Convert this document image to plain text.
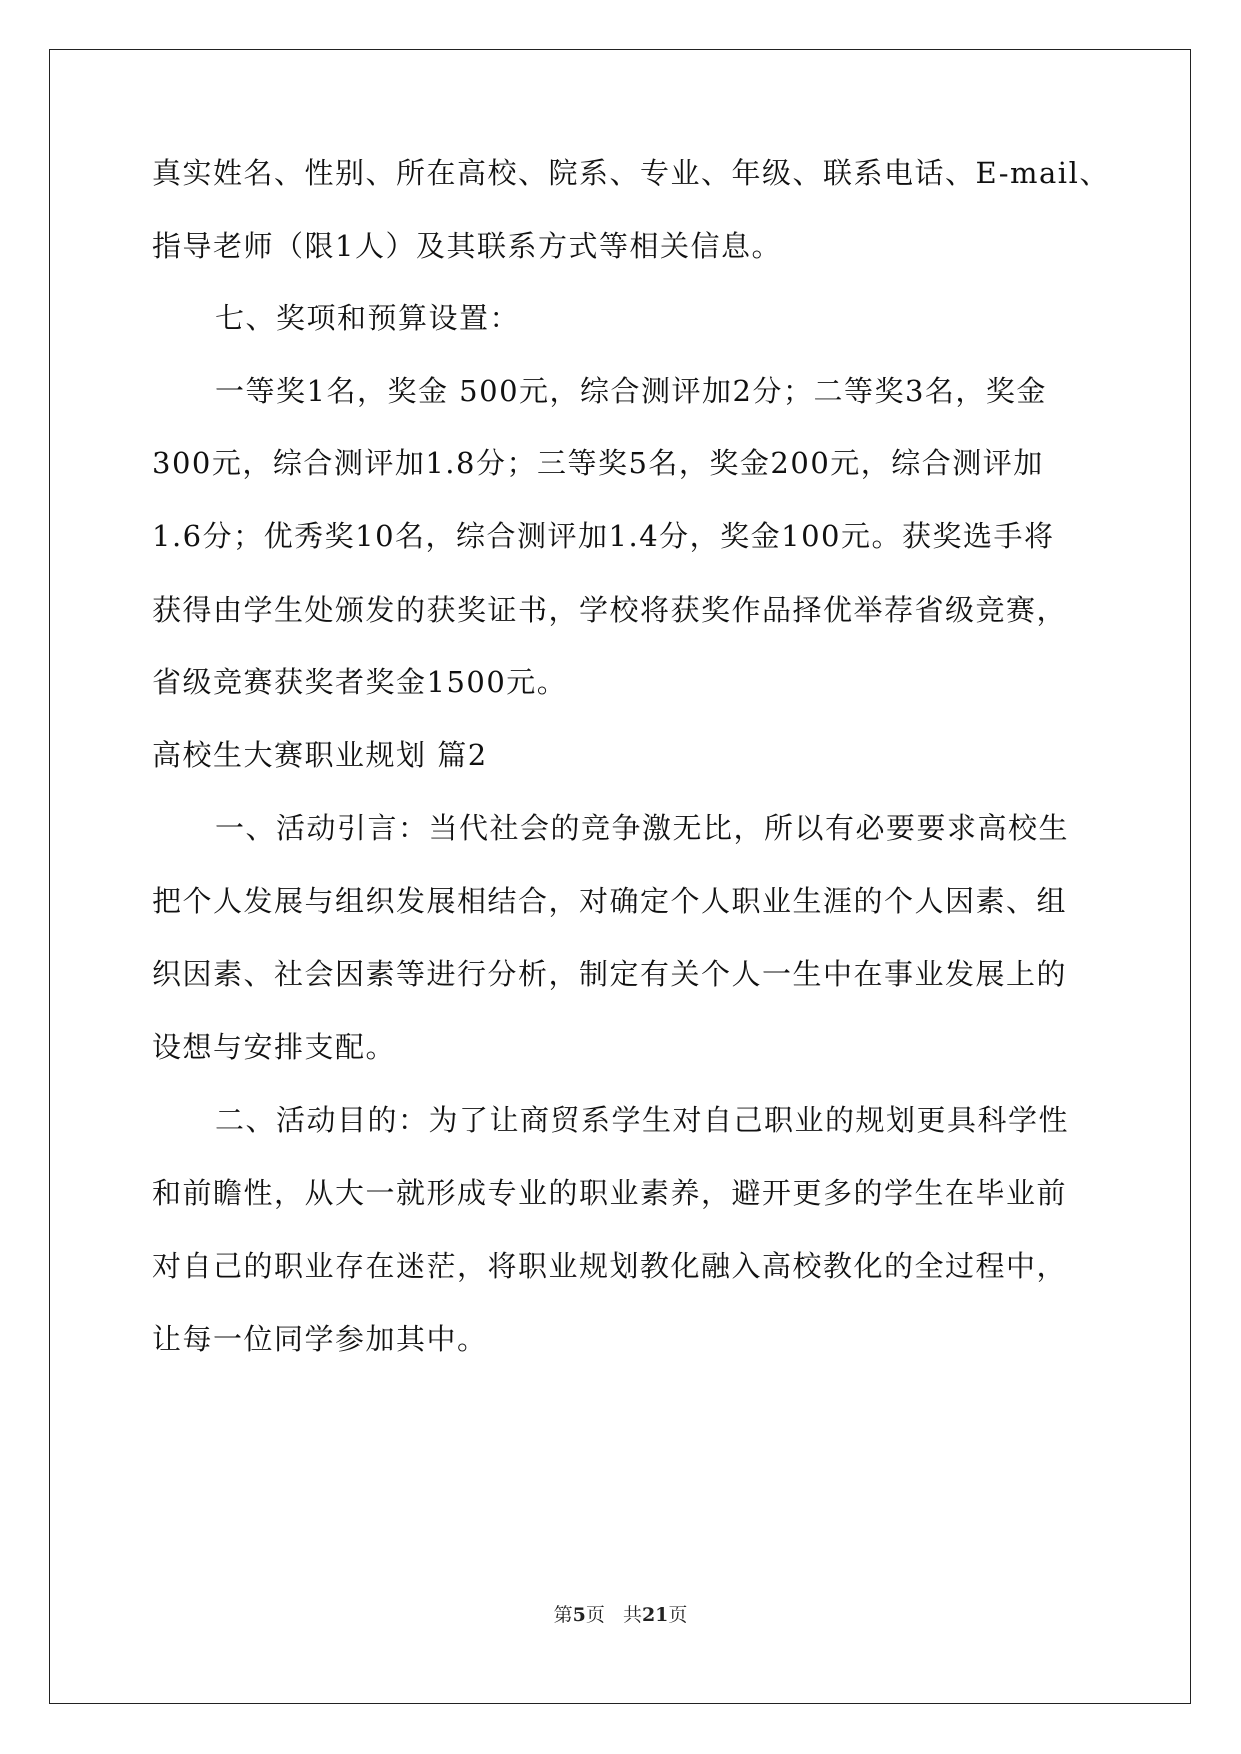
真实姓名、性别、所在高校、院系、专业、年级、联系电话、E-mail、
指导老师（限1人）及其联系方式等相关信息。
七、奖项和预算设置：
一等奖1名，奖金 500元，综合测评加2分；二等奖3名，奖金
300元，综合测评加1.8分；三等奖5名，奖金200元，综合测评加
1.6分；优秀奖10名，综合测评加1.4分，奖金100元。获奖选手将
获得由学生处颁发的获奖证书，学校将获奖作品择优举荐省级竞赛，
省级竞赛获奖者奖金1500元。
高校生大赛职业规划 篇2
一、活动引言：当代社会的竞争激无比，所以有必要要求高校生
把个人发展与组织发展相结合，对确定个人职业生涯的个人因素、组
织因素、社会因素等进行分析，制定有关个人一生中在事业发展上的
设想与安排支配。
二、活动目的：为了让商贸系学生对自己职业的规划更具科学性
和前瞻性，从大一就形成专业的职业素养，避开更多的学生在毕业前
对自己的职业存在迷茫，将职业规划教化融入高校教化的全过程中，
让每一位同学参加其中。
第5页   共21页
